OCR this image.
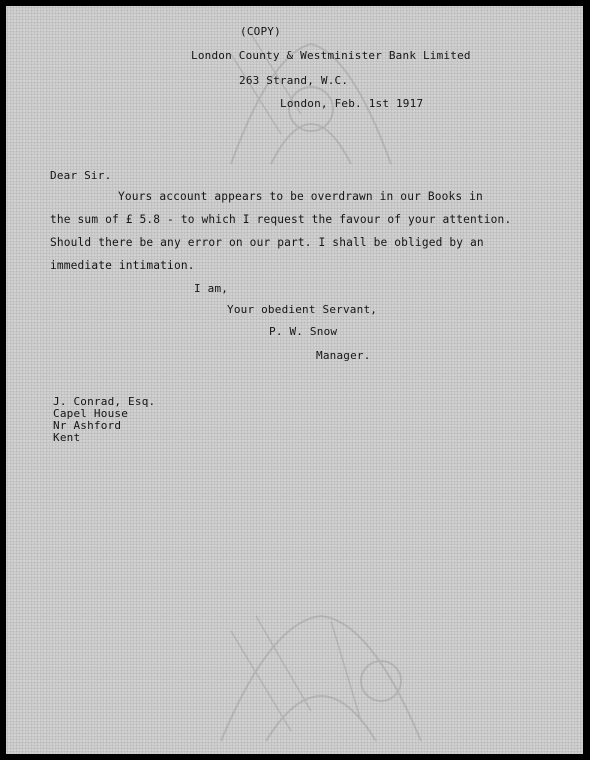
(COPY)
London County & Westminister Bank Limited
263 Strand, W.C.
London, Feb. 1st 1917
Dear Sir.
Yours account appears to be overdrawn in our Books in
the sum of £ 5.8 - to which I request the favour of your attention.
Should there be any error on our part. I shall be obliged by an
immediate intimation.
I am,
Your obedient Servant,
P. W. Snow
Manager.
J. Conrad, Esq.
Capel House
Nr Ashford
Kent
